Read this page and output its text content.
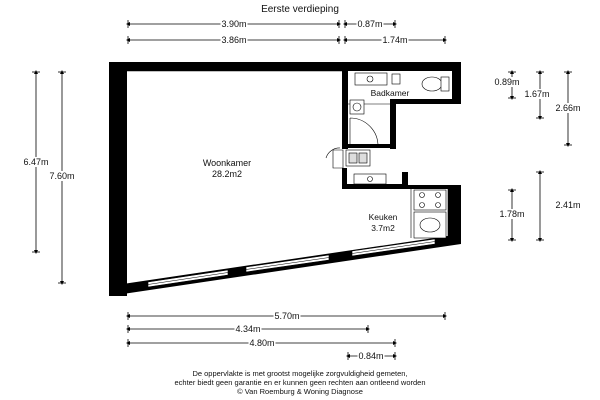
Eerste verdieping
3.90m	0.87m
3.86m	1.74m
6.47m
7.60m
0.89m
1.67m
2.66m
2.41m
1.78m
5.70m
4.34m
4.80m
0.84m
Woonkamer
28.2m2
Badkamer
Keuken
3.7m2
De oppervlakte is met grootst mogelijke zorgvuldigheid gemeten,
echter biedt geen garantie en er kunnen geen rechten aan ontleend worden
© Van Roemburg & Woning Diagnose
